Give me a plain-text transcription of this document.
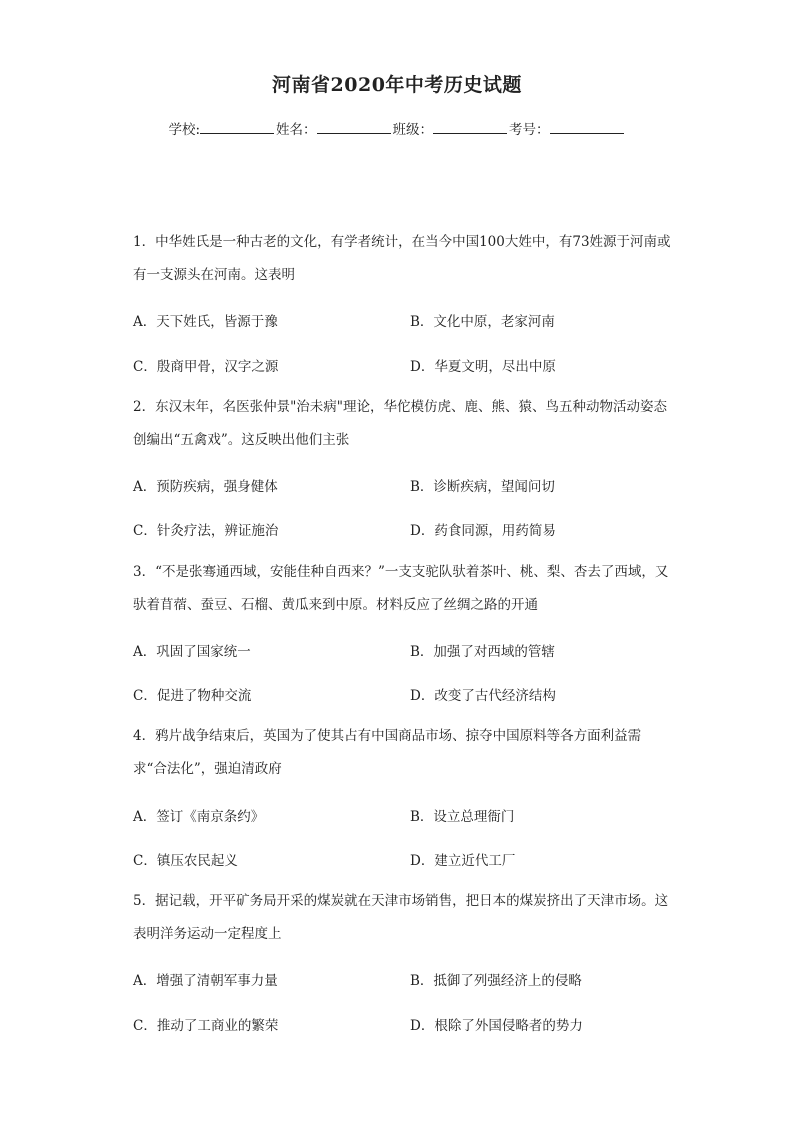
河南省2020年中考历史试题
学校:	姓名：	班级：	考号：
1．中华姓氏是一种古老的文化，有学者统计，在当今中国100大姓中，有73姓源于河南或有一支源头在河南。这表明
A．天下姓氏，皆源于豫	B．文化中原，老家河南
C．殷商甲骨，汉字之源	D．华夏文明，尽出中原
2．东汉末年，名医张仲景"治未病"理论，华佗模仿虎、鹿、熊、猿、鸟五种动物活动姿态创编出“五禽戏”。这反映出他们主张
A．预防疾病，强身健体	B．诊断疾病，望闻问切
C．针灸疗法，辨证施治	D．药食同源，用药简易
3．“不是张骞通西域，安能佳种自西来？”一支支驼队驮着茶叶、桃、梨、杏去了西域，又驮着苜蓿、蚕豆、石榴、黄瓜来到中原。材料反应了丝绸之路的开通
A．巩固了国家统一	B．加强了对西域的管辖
C．促进了物种交流	D．改变了古代经济结构
4．鸦片战争结束后，英国为了使其占有中国商品市场、掠夺中国原料等各方面利益需求“合法化”，强迫清政府
A．签订《南京条约》	B．设立总理衙门
C．镇压农民起义	D．建立近代工厂
5．据记载，开平矿务局开采的煤炭就在天津市场销售，把日本的煤炭挤出了天津市场。这表明洋务运动一定程度上
A．增强了清朝军事力量	B．抵御了列强经济上的侵略
C．推动了工商业的繁荣	D．根除了外国侵略者的势力
